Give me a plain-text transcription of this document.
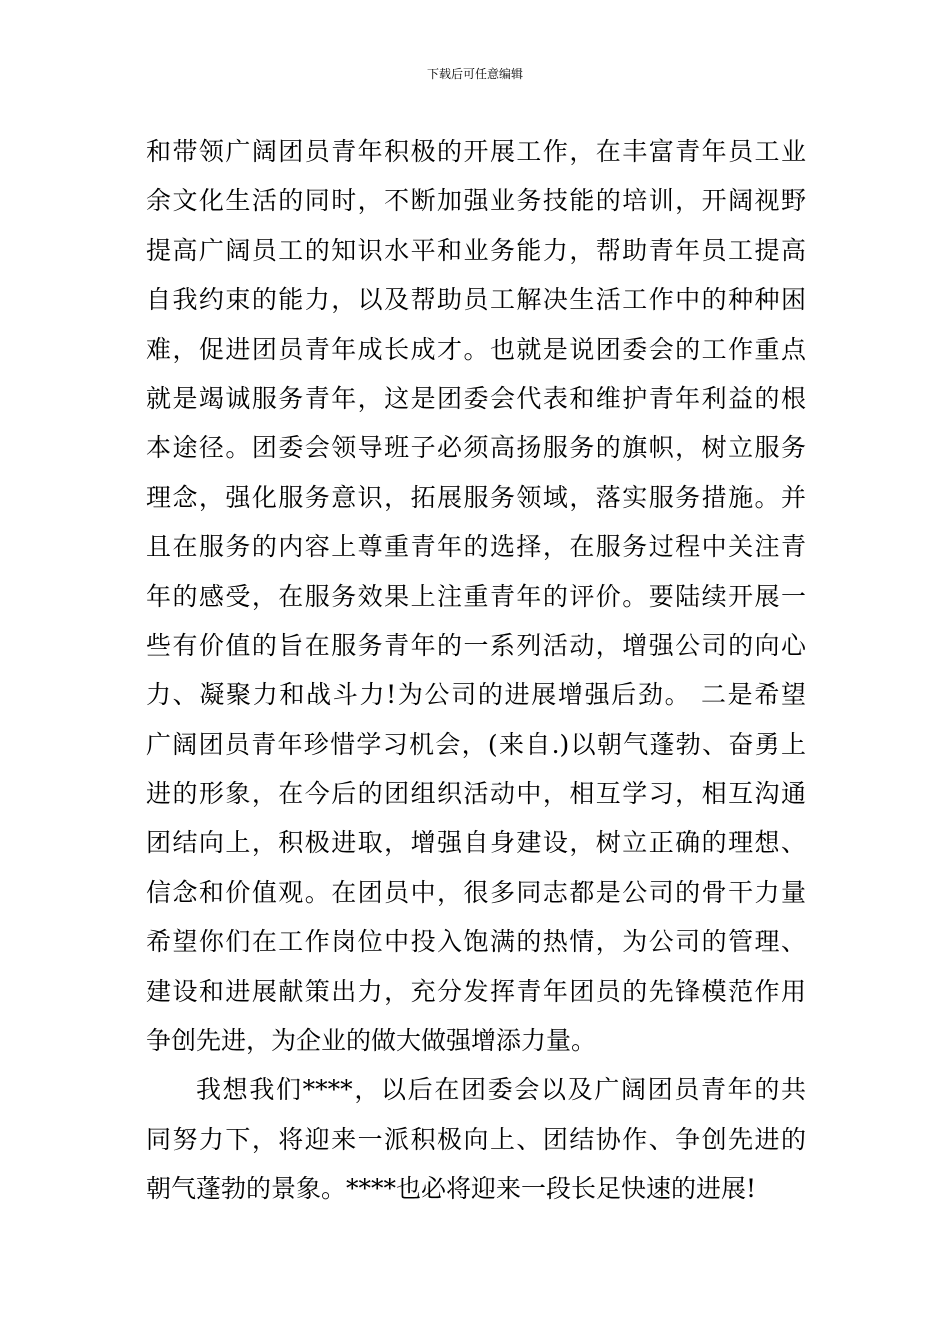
下载后可任意编辑
和带领广阔团员青年积极的开展工作，在丰富青年员工业
余文化生活的同时，不断加强业务技能的培训，开阔视野
提高广阔员工的知识水平和业务能力，帮助青年员工提高
自我约束的能力，以及帮助员工解决生活工作中的种种困
难，促进团员青年成长成才。也就是说团委会的工作重点
就是竭诚服务青年，这是团委会代表和维护青年利益的根
本途径。团委会领导班子必须高扬服务的旗帜，树立服务
理念，强化服务意识，拓展服务领域，落实服务措施。并
且在服务的内容上尊重青年的选择，在服务过程中关注青
年的感受，在服务效果上注重青年的评价。要陆续开展一
些有价值的旨在服务青年的一系列活动，增强公司的向心
力、凝聚力和战斗力!为公司的进展增强后劲。 二是希望
广阔团员青年珍惜学习机会，(来自.)以朝气蓬勃、奋勇上
进的形象，在今后的团组织活动中，相互学习，相互沟通
团结向上，积极进取，增强自身建设，树立正确的理想、
信念和价值观。在团员中，很多同志都是公司的骨干力量
希望你们在工作岗位中投入饱满的热情，为公司的管理、
建设和进展献策出力，充分发挥青年团员的先锋模范作用
争创先进，为企业的做大做强增添力量。
我想我们****，以后在团委会以及广阔团员青年的共
同努力下，将迎来一派积极向上、团结协作、争创先进的
朝气蓬勃的景象。****也必将迎来一段长足快速的进展!
